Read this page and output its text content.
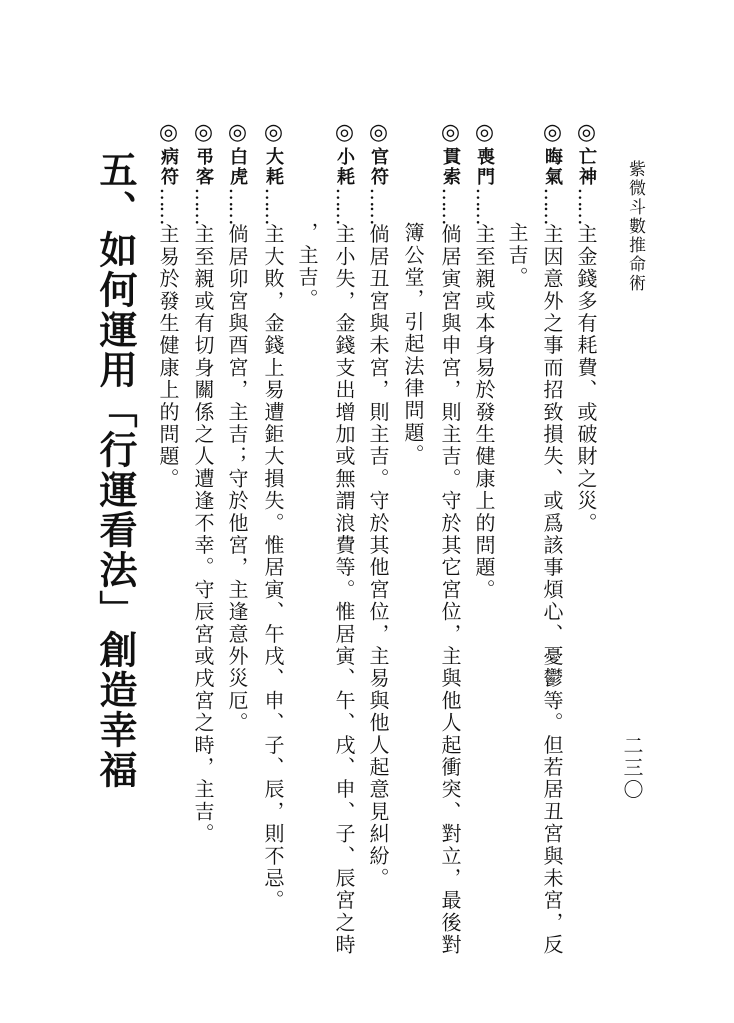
紫微斗數推命術
二三〇
◎亡神……主金錢多有耗費、或破財之災。
◎晦氣……主因意外之事而招致損失、或爲該事煩心、憂鬱等。但若居丑宮與未宮，反
主吉。
◎喪門……主至親或本身易於發生健康上的問題。
◎貫索……倘居寅宮與申宮，則主吉。守於其它宮位，主與他人起衝突、對立，最後對
簿公堂，引起法律問題。
◎官符……倘居丑宮與未宮，則主吉。守於其他宮位，主易與他人起意見糾紛。
◎小耗……主小失，金錢支出增加或無謂浪費等。惟居寅、午、戌、申、子、辰宮之時
，主吉。
◎大耗……主大敗，金錢上易遭鉅大損失。惟居寅、午戌、申、子、辰，則不忌。
◎白虎……倘居卯宮與酉宮，主吉；守於他宮，主逢意外災厄。
◎弔客……主至親或有切身關係之人遭逢不幸。守辰宮或戌宮之時，主吉。
◎病符……主易於發生健康上的問題。
五、如何運用「行運看法」創造幸福
